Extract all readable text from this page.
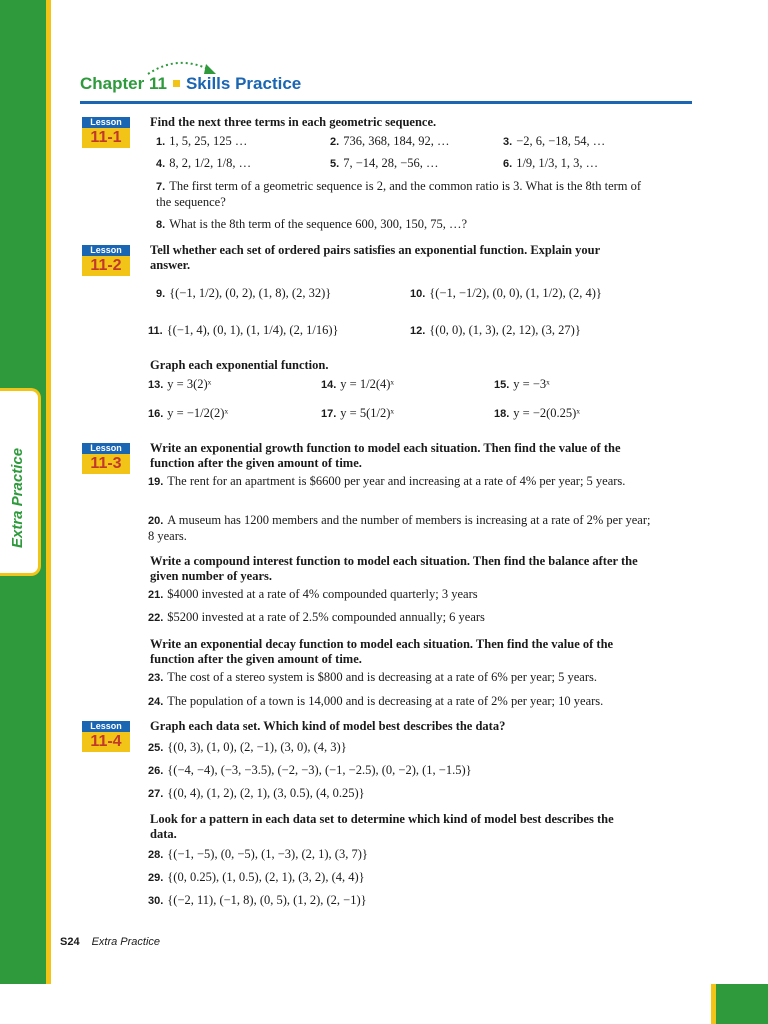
Extra Practice
Chapter 11 Skills Practice
Lesson
11-1
Lesson
11-2
Lesson
11-3
Lesson
11-4
Find the next three terms in each geometric sequence.
1. 1, 5, 25, 125 …	2. 736, 368, 184, 92, …	3. −2, 6, −18, 54, …
4. 8, 2, 1/2, 1/8, …	5. 7, −14, 28, −56, …	6. 1/9, 1/3, 1, 3, …
7. The first term of a geometric sequence is 2, and the common ratio is 3. What is the 8th term of the sequence?
8. What is the 8th term of the sequence 600, 300, 150, 75, …?
Tell whether each set of ordered pairs satisfies an exponential function. Explain your answer.
9. {(−1, 1/2), (0, 2), (1, 8), (2, 32)}	10. {(−1, −1/2), (0, 0), (1, 1/2), (2, 4)}
11. {(−1, 4), (0, 1), (1, 1/4), (2, 1/16)}	12. {(0, 0), (1, 3), (2, 12), (3, 27)}
Graph each exponential function.
13. y = 3(2)ˣ	14. y = 1/2(4)ˣ	15. y = −3ˣ
16. y = −1/2(2)ˣ	17. y = 5(1/2)ˣ	18. y = −2(0.25)ˣ
Write an exponential growth function to model each situation. Then find the value of the function after the given amount of time.
19. The rent for an apartment is $6600 per year and increasing at a rate of 4% per year; 5 years.
20. A museum has 1200 members and the number of members is increasing at a rate of 2% per year; 8 years.
Write a compound interest function to model each situation. Then find the balance after the given number of years.
21. $4000 invested at a rate of 4% compounded quarterly; 3 years
22. $5200 invested at a rate of 2.5% compounded annually; 6 years
Write an exponential decay function to model each situation. Then find the value of the function after the given amount of time.
23. The cost of a stereo system is $800 and is decreasing at a rate of 6% per year; 5 years.
24. The population of a town is 14,000 and is decreasing at a rate of 2% per year; 10 years.
Graph each data set. Which kind of model best describes the data?
25. {(0, 3), (1, 0), (2, −1), (3, 0), (4, 3)}
26. {(−4, −4), (−3, −3.5), (−2, −3), (−1, −2.5), (0, −2), (1, −1.5)}
27. {(0, 4), (1, 2), (2, 1), (3, 0.5), (4, 0.25)}
Look for a pattern in each data set to determine which kind of model best describes the data.
28. {(−1, −5), (0, −5), (1, −3), (2, 1), (3, 7)}
29. {(0, 0.25), (1, 0.5), (2, 1), (3, 2), (4, 4)}
30. {(−2, 11), (−1, 8), (0, 5), (1, 2), (2, −1)}
S24 Extra Practice
